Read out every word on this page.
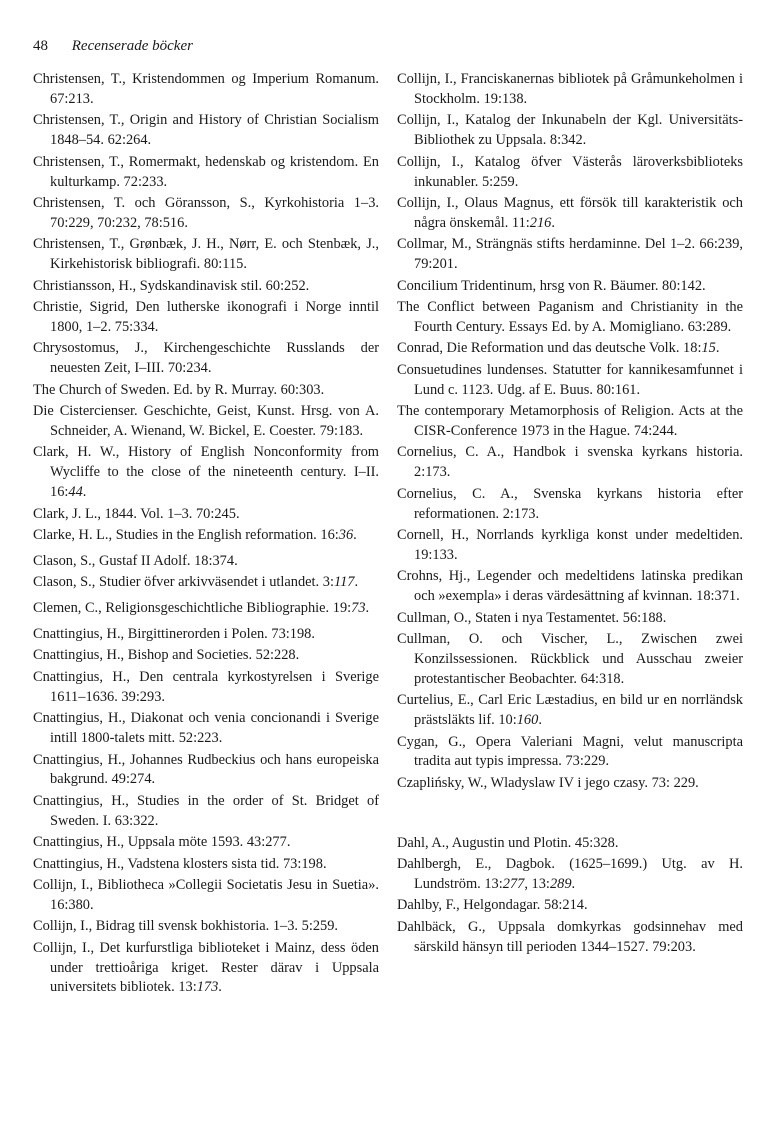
48 Recenserade böcker

Christensen, T., Kristendommen og Imperium Romanum. 67:213.

Christensen, T., Origin and History of Christian Socialism 1848–54. 62:264.

Christensen, T., Romermakt, hedenskab og kristendom. En kulturkamp. 72:233.

Christensen, T. och Göransson, S., Kyrkohistoria 1–3. 70:229, 70:232, 78:516.

Christensen, T., Grønbæk, J. H., Nørr, E. och Stenbæk, J., Kirkehistorisk bibliografi. 80:115.

Christiansson, H., Sydskandinavisk stil. 60:252.

Christie, Sigrid, Den lutherske ikonografi i Norge inntil 1800, 1–2. 75:334.

Chrysostomus, J., Kirchengeschichte Russlands der neuesten Zeit, I–III. 70:234.

The Church of Sweden. Ed. by R. Murray. 60:303.

Die Cistercienser. Geschichte, Geist, Kunst. Hrsg. von A. Schneider, A. Wienand, W. Bickel, E. Coester. 79:183.

Clark, H. W., History of English Nonconformity from Wycliffe to the close of the nineteenth century. I–II. 16:44.

Clark, J. L., 1844. Vol. 1–3. 70:245.

Clarke, H. L., Studies in the English reformation. 16:36.

Clason, S., Gustaf II Adolf. 18:374.

Clason, S., Studier öfver arkivväsendet i utlandet. 3:117.

Clemen, C., Religionsgeschichtliche Bibliographie. 19:73.

Cnattingius, H., Birgittinerorden i Polen. 73:198.

Cnattingius, H., Bishop and Societies. 52:228.

Cnattingius, H., Den centrala kyrkostyrelsen i Sverige 1611–1636. 39:293.

Cnattingius, H., Diakonat och venia concionandi i Sverige intill 1800-talets mitt. 52:223.

Cnattingius, H., Johannes Rudbeckius och hans europeiska bakgrund. 49:274.

Cnattingius, H., Studies in the order of St. Bridget of Sweden. I. 63:322.

Cnattingius, H., Uppsala möte 1593. 43:277.

Cnattingius, H., Vadstena klosters sista tid. 73:198.

Collijn, I., Bibliotheca »Collegii Societatis Jesu in Suetia». 16:380.

Collijn, I., Bidrag till svensk bokhistoria. 1–3. 5:259.

Collijn, I., Det kurfurstliga biblioteket i Mainz, dess öden under trettioåriga kriget. Rester därav i Uppsala universitets bibliotek. 13:173.

Collijn, I., Franciskanernas bibliotek på Gråmunkeholmen i Stockholm. 19:138.

Collijn, I., Katalog der Inkunabeln der Kgl. Universitäts-Bibliothek zu Uppsala. 8:342.

Collijn, I., Katalog öfver Västerås läroverksbiblioteks inkunabler. 5:259.

Collijn, I., Olaus Magnus, ett försök till karakteristik och några önskemål. 11:216.

Collmar, M., Strängnäs stifts herdaminne. Del 1–2. 66:239, 79:201.

Concilium Tridentinum, hrsg von R. Bäumer. 80:142.

The Conflict between Paganism and Christianity in the Fourth Century. Essays Ed. by A. Momigliano. 63:289.

Conrad, Die Reformation und das deutsche Volk. 18:15.

Consuetudines lundenses. Statutter for kannikesamfunnet i Lund c. 1123. Udg. af E. Buus. 80:161.

The contemporary Metamorphosis of Religion. Acts at the CISR-Conference 1973 in the Hague. 74:244.

Cornelius, C. A., Handbok i svenska kyrkans historia. 2:173.

Cornelius, C. A., Svenska kyrkans historia efter reformationen. 2:173.

Cornell, H., Norrlands kyrkliga konst under medeltiden. 19:133.

Crohns, Hj., Legender och medeltidens latinska predikan och »exempla» i deras värdesättning af kvinnan. 18:371.

Cullman, O., Staten i nya Testamentet. 56:188.

Cullman, O. och Vischer, L., Zwischen zwei Konzilssessionen. Rückblick und Ausschau zweier protestantischer Beobachter. 64:318.

Curtelius, E., Carl Eric Læstadius, en bild ur en norrländsk prästsläkts lif. 10:160.

Cygan, G., Opera Valeriani Magni, velut manuscripta tradita aut typis impressa. 73:229.

Czaplińsky, W., Wladyslaw IV i jego czasy. 73: 229.

Dahl, A., Augustin und Plotin. 45:328.

Dahlbergh, E., Dagbok. (1625–1699.) Utg. av H. Lundström. 13:277, 13:289.

Dahlby, F., Helgondagar. 58:214.

Dahlbäck, G., Uppsala domkyrkas godsinnehav med särskild hänsyn till perioden 1344–1527. 79:203.
